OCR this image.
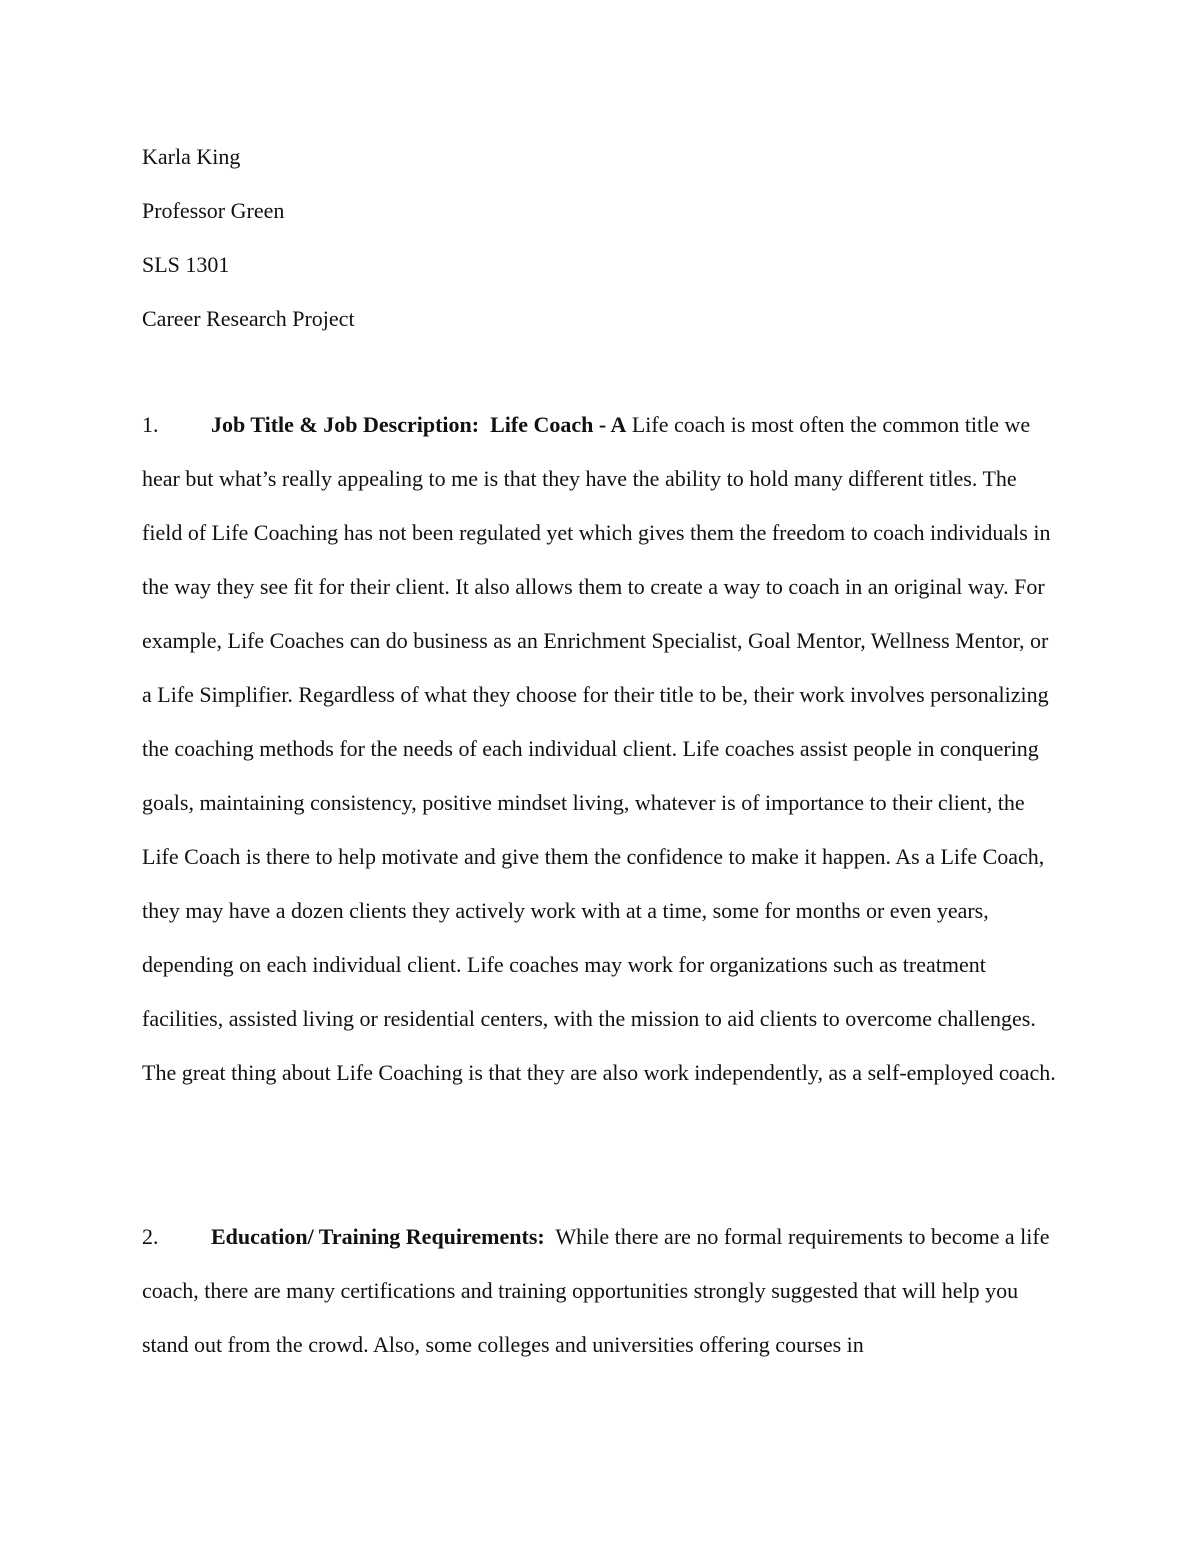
Karla King
Professor Green
SLS 1301
Career Research Project

1. Job Title & Job Description: Life Coach - A Life coach is most often the common title we hear but what’s really appealing to me is that they have the ability to hold many different titles. The field of Life Coaching has not been regulated yet which gives them the freedom to coach individuals in the way they see fit for their client. It also allows them to create a way to coach in an original way. For example, Life Coaches can do business as an Enrichment Specialist, Goal Mentor, Wellness Mentor, or a Life Simplifier. Regardless of what they choose for their title to be, their work involves personalizing the coaching methods for the needs of each individual client. Life coaches assist people in conquering goals, maintaining consistency, positive mindset living, whatever is of importance to their client, the Life Coach is there to help motivate and give them the confidence to make it happen. As a Life Coach, they may have a dozen clients they actively work with at a time, some for months or even years, depending on each individual client. Life coaches may work for organizations such as treatment facilities, assisted living or residential centers, with the mission to aid clients to overcome challenges. The great thing about Life Coaching is that they are also work independently, as a self-employed coach.

2. Education/ Training Requirements: While there are no formal requirements to become a life coach, there are many certifications and training opportunities strongly suggested that will help you stand out from the crowd. Also, some colleges and universities offering courses in
